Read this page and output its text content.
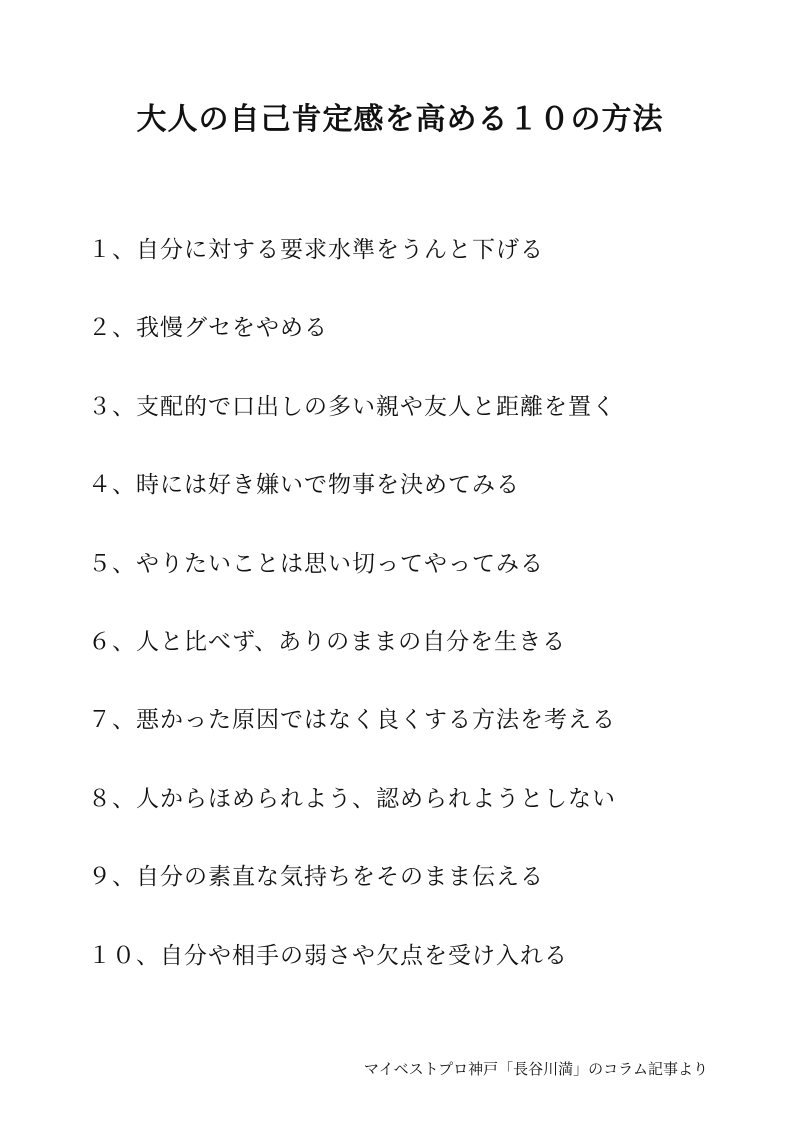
大人の自己肯定感を高める１０の方法
１、自分に対する要求水準をうんと下げる
２、我慢グセをやめる
３、支配的で口出しの多い親や友人と距離を置く
４、時には好き嫌いで物事を決めてみる
５、やりたいことは思い切ってやってみる
６、人と比べず、ありのままの自分を生きる
７、悪かった原因ではなく良くする方法を考える
８、人からほめられよう、認められようとしない
９、自分の素直な気持ちをそのまま伝える
１０、自分や相手の弱さや欠点を受け入れる
マイベストプロ神戸「長谷川満」のコラム記事より
